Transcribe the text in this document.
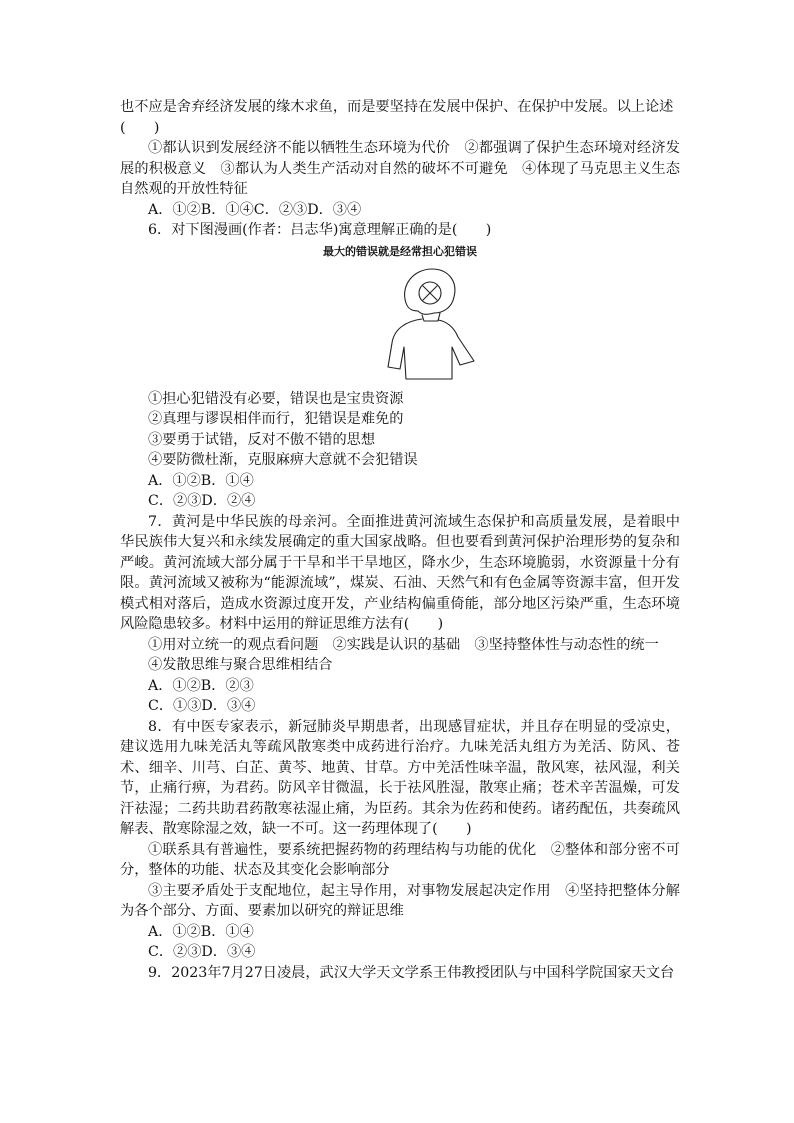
也不应是舍弃经济发展的缘木求鱼，而是要坚持在发展中保护、在保护中发展。以上论述

(　　)

①都认识到发展经济不能以牺牲生态环境为代价　②都强调了保护生态环境对经济发展的积极意义　③都认为人类生产活动对自然的破坏不可避免　④体现了马克思主义生态自然观的开放性特征

A．①②B．①④C．②③D．③④

6．对下图漫画(作者：吕志华)寓意理解正确的是(　　)

最大的错误就是经常担心犯错误

①担心犯错没有必要，错误也是宝贵资源

②真理与谬误相伴而行，犯错误是难免的

③要勇于试错，反对不傲不错的思想

④要防微杜渐，克服麻痹大意就不会犯错误

A．①②B．①④

C．②③D．②④

7．黄河是中华民族的母亲河。全面推进黄河流域生态保护和高质量发展，是着眼中华民族伟大复兴和永续发展确定的重大国家战略。但也要看到黄河保护治理形势的复杂和严峻。黄河流域大部分属于干旱和半干旱地区，降水少，生态环境脆弱，水资源量十分有限。黄河流域又被称为“能源流域”，煤炭、石油、天然气和有色金属等资源丰富，但开发模式相对落后，造成水资源过度开发，产业结构偏重倚能，部分地区污染严重，生态环境风险隐患较多。材料中运用的辩证思维方法有(　　)

①用对立统一的观点看问题　②实践是认识的基础　③坚持整体性与动态性的统一

④发散思维与聚合思维相结合

A．①②B．②③

C．①③D．③④

8．有中医专家表示，新冠肺炎早期患者，出现感冒症状，并且存在明显的受凉史，建议选用九味羌活丸等疏风散寒类中成药进行治疗。九味羌活丸组方为羌活、防风、苍术、细辛、川芎、白芷、黄芩、地黄、甘草。方中羌活性味辛温，散风寒，祛风湿，利关节，止痛行痹，为君药。防风辛甘微温，长于祛风胜湿，散寒止痛；苍术辛苦温燥，可发汗祛湿；二药共助君药散寒祛湿止痛，为臣药。其余为佐药和使药。诸药配伍，共奏疏风解表、散寒除湿之效，缺一不可。这一药理体现了(　　)

①联系具有普遍性，要系统把握药物的药理结构与功能的优化　②整体和部分密不可分，整体的功能、状态及其变化会影响部分

③主要矛盾处于支配地位，起主导作用，对事物发展起决定作用　④坚持把整体分解为各个部分、方面、要素加以研究的辩证思维

A．①②B．①④

C．②③D．③④

9．2023年7月27日凌晨，武汉大学天文学系王伟教授团队与中国科学院国家天文台
